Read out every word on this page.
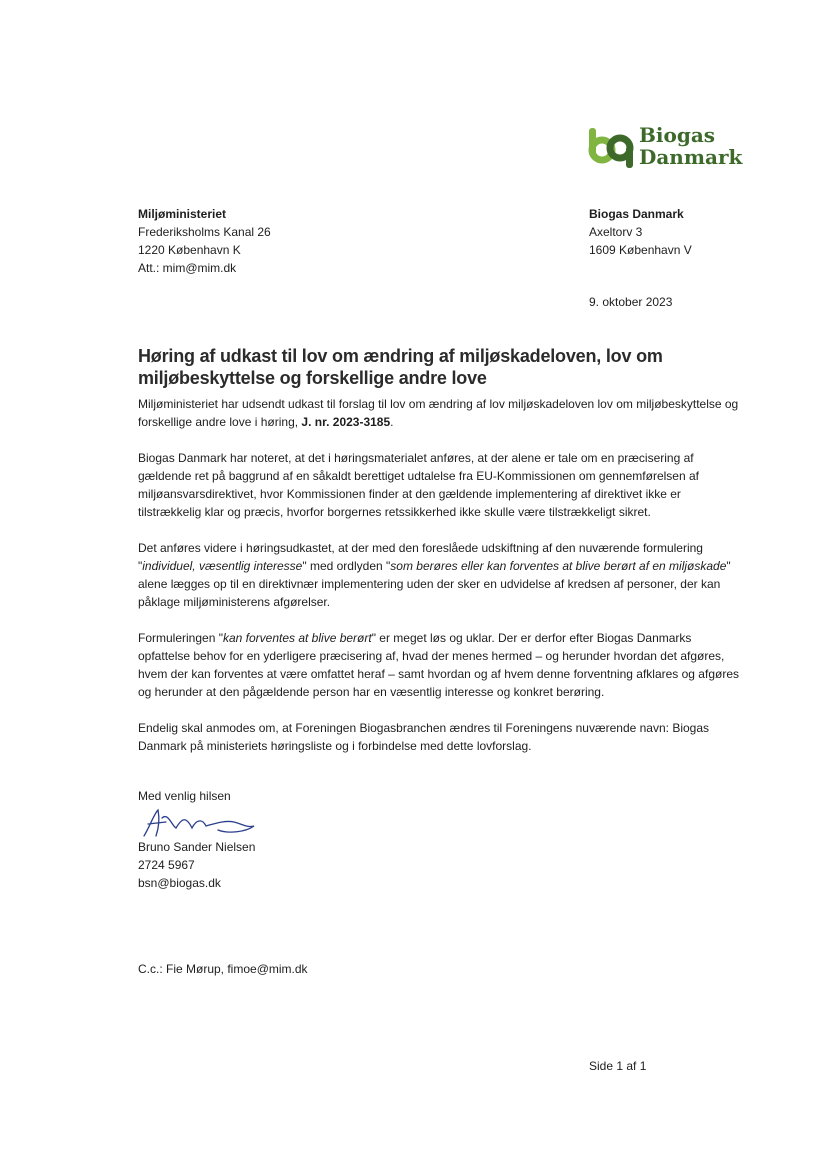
Biogas
Danmark
Miljøministeriet
Frederiksholms Kanal 26
1220 København K
Att.: mim@mim.dk
Biogas Danmark
Axeltorv 3
1609 København V
9. oktober 2023
Høring af udkast til lov om ændring af miljøskadeloven, lov om miljøbeskyttelse og forskellige andre love

Miljøministeriet har udsendt udkast til forslag til lov om ændring af lov miljøskadeloven lov om miljøbeskyttelse og forskellige andre love i høring, J. nr. 2023-3185.

Biogas Danmark har noteret, at det i høringsmaterialet anføres, at der alene er tale om en præcisering af gældende ret på baggrund af en såkaldt berettiget udtalelse fra EU-Kommissionen om gennemførelsen af miljøansvarsdirektivet, hvor Kommissionen finder at den gældende implementering af direktivet ikke er tilstrækkelig klar og præcis, hvorfor borgernes retssikkerhed ikke skulle være tilstrækkeligt sikret.

Det anføres videre i høringsudkastet, at der med den foreslåede udskiftning af den nuværende formulering "individuel, væsentlig interesse" med ordlyden "som berøres eller kan forventes at blive berørt af en miljøskade" alene lægges op til en direktivnær implementering uden der sker en udvidelse af kredsen af personer, der kan påklage miljøministerens afgørelser.

Formuleringen "kan forventes at blive berørt" er meget løs og uklar. Der er derfor efter Biogas Danmarks opfattelse behov for en yderligere præcisering af, hvad der menes hermed – og herunder hvordan det afgøres, hvem der kan forventes at være omfattet heraf – samt hvordan og af hvem denne forventning afklares og afgøres og herunder at den pågældende person har en væsentlig interesse og konkret berøring.

Endelig skal anmodes om, at Foreningen Biogasbranchen ændres til Foreningens nuværende navn: Biogas Danmark på ministeriets høringsliste og i forbindelse med dette lovforslag.

Med venlig hilsen
Bruno Sander Nielsen
2724 5967
bsn@biogas.dk
C.c.: Fie Mørup, fimoe@mim.dk
Side 1 af 1
